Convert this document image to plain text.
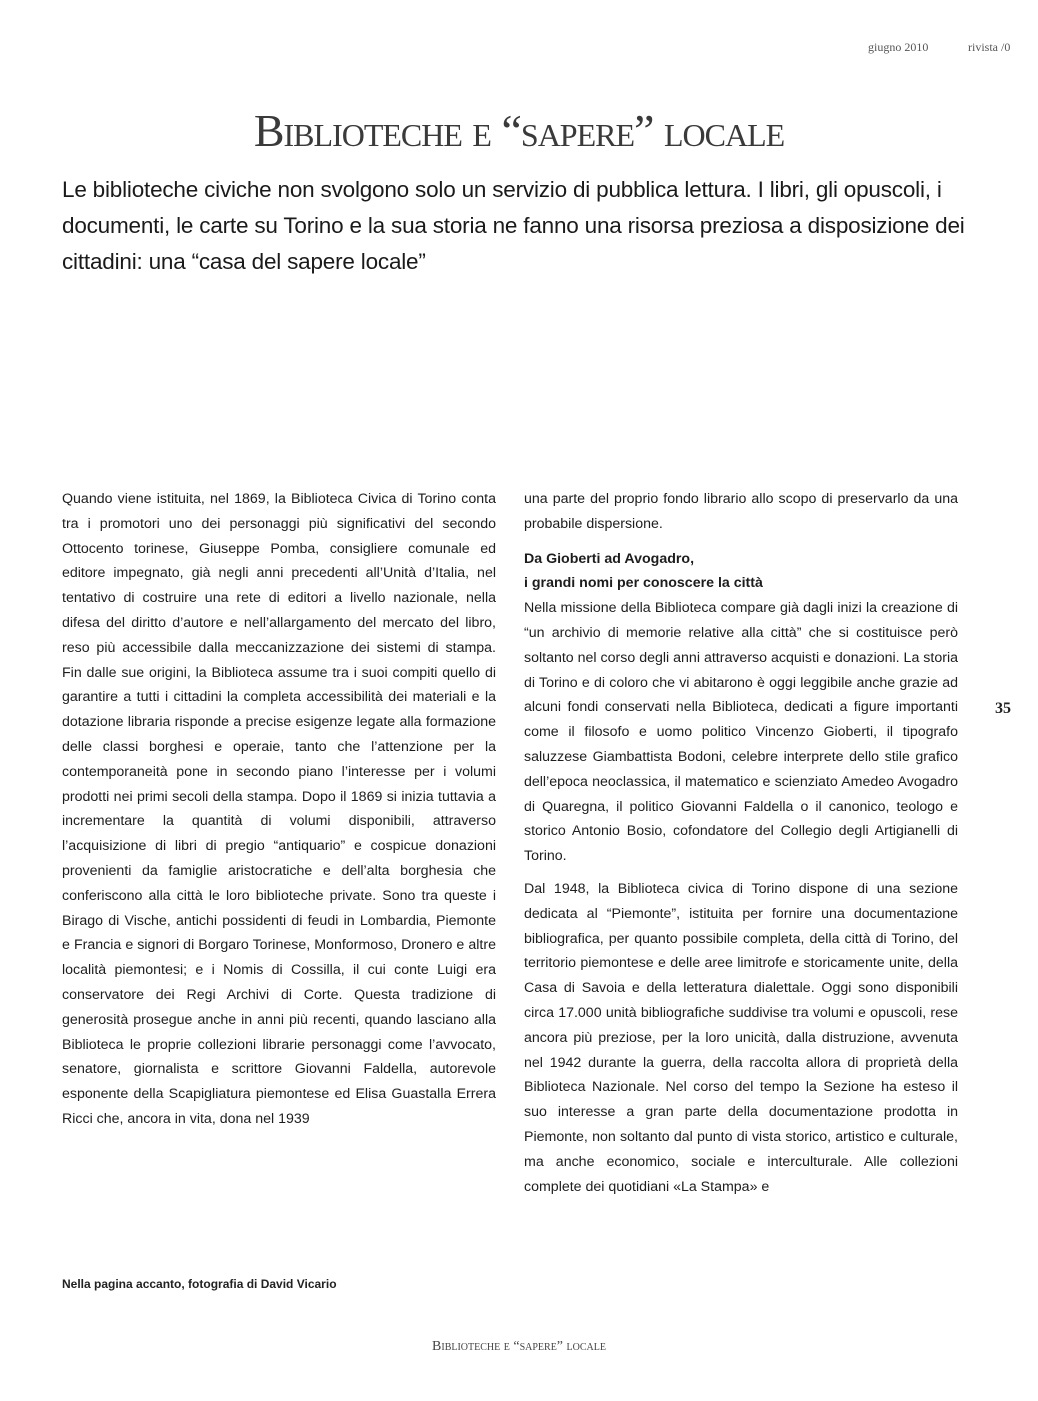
giugno 2010	rivista /0
Biblioteche e “sapere” locale
Le biblioteche civiche non svolgono solo un servizio di pubblica lettura. I libri, gli opuscoli, i documenti, le carte su Torino e la sua storia ne fanno una risorsa preziosa a disposizione dei cittadini: una “casa del sapere locale”

Quando viene istituita, nel 1869, la Biblioteca Civica di Torino conta tra i promotori uno dei personaggi più significativi del secondo Ottocento torinese, Giuseppe Pomba, consigliere comunale ed editore impegnato, già negli anni precedenti all’Unità d’Italia, nel tentativo di costruire una rete di editori a livello nazionale, nella difesa del diritto d’autore e nell’allargamento del mercato del libro, reso più accessibile dalla meccanizzazione dei sistemi di stampa. Fin dalle sue origini, la Biblioteca assume tra i suoi compiti quello di garantire a tutti i cittadini la completa accessibilità dei materiali e la dotazione libraria risponde a precise esigenze legate alla formazione delle classi borghesi e operaie, tanto che l’attenzione per la contemporaneità pone in secondo piano l’interesse per i volumi prodotti nei primi secoli della stampa. Dopo il 1869 si inizia tuttavia a incrementare la quantità di volumi disponibili, attraverso l’acquisizione di libri di pregio “antiquario” e cospicue donazioni provenienti da famiglie aristocratiche e dell’alta borghesia che conferiscono alla città le loro biblioteche private. Sono tra queste i Birago di Vische, antichi possidenti di feudi in Lombardia, Piemonte e Francia e signori di Borgaro Torinese, Monformoso, Dronero e altre località piemontesi; e i Nomis di Cossilla, il cui conte Luigi era conservatore dei Regi Archivi di Corte. Questa tradizione di generosità prosegue anche in anni più recenti, quando lasciano alla Biblioteca le proprie collezioni librarie personaggi come l’avvocato, senatore, giornalista e scrittore Giovanni Faldella, autorevole esponente della Scapigliatura piemontese ed Elisa Guastalla Errera Ricci che, ancora in vita, dona nel 1939

una parte del proprio fondo librario allo scopo di preservarlo da una probabile dispersione.

Da Gioberti ad Avogadro,
i grandi nomi per conoscere la città

Nella missione della Biblioteca compare già dagli inizi la creazione di “un archivio di memorie relative alla città” che si costituisce però soltanto nel corso degli anni attraverso acquisti e donazioni. La storia di Torino e di coloro che vi abitarono è oggi leggibile anche grazie ad alcuni fondi conservati nella Biblioteca, dedicati a figure importanti come il filosofo e uomo politico Vincenzo Gioberti, il tipografo saluzzese Giambattista Bodoni, celebre interprete dello stile grafico dell’epoca neoclassica, il matematico e scienziato Amedeo Avogadro di Quaregna, il politico Giovanni Faldella o il canonico, teologo e storico Antonio Bosio, cofondatore del Collegio degli Artigianelli di Torino.

Dal 1948, la Biblioteca civica di Torino dispone di una sezione dedicata al “Piemonte”, istituita per fornire una documentazione bibliografica, per quanto possibile completa, della città di Torino, del territorio piemontese e delle aree limitrofe e storicamente unite, della Casa di Savoia e della letteratura dialettale. Oggi sono disponibili circa 17.000 unità bibliografiche suddivise tra volumi e opuscoli, rese ancora più preziose, per la loro unicità, dalla distruzione, avvenuta nel 1942 durante la guerra, della raccolta allora di proprietà della Biblioteca Nazionale. Nel corso del tempo la Sezione ha esteso il suo interesse a gran parte della documentazione prodotta in Piemonte, non soltanto dal punto di vista storico, artistico e culturale, ma anche economico, sociale e interculturale. Alle collezioni complete dei quotidiani «La Stampa» e

Nella pagina accanto, fotografia di David Vicario
35
Biblioteche e “sapere” locale
